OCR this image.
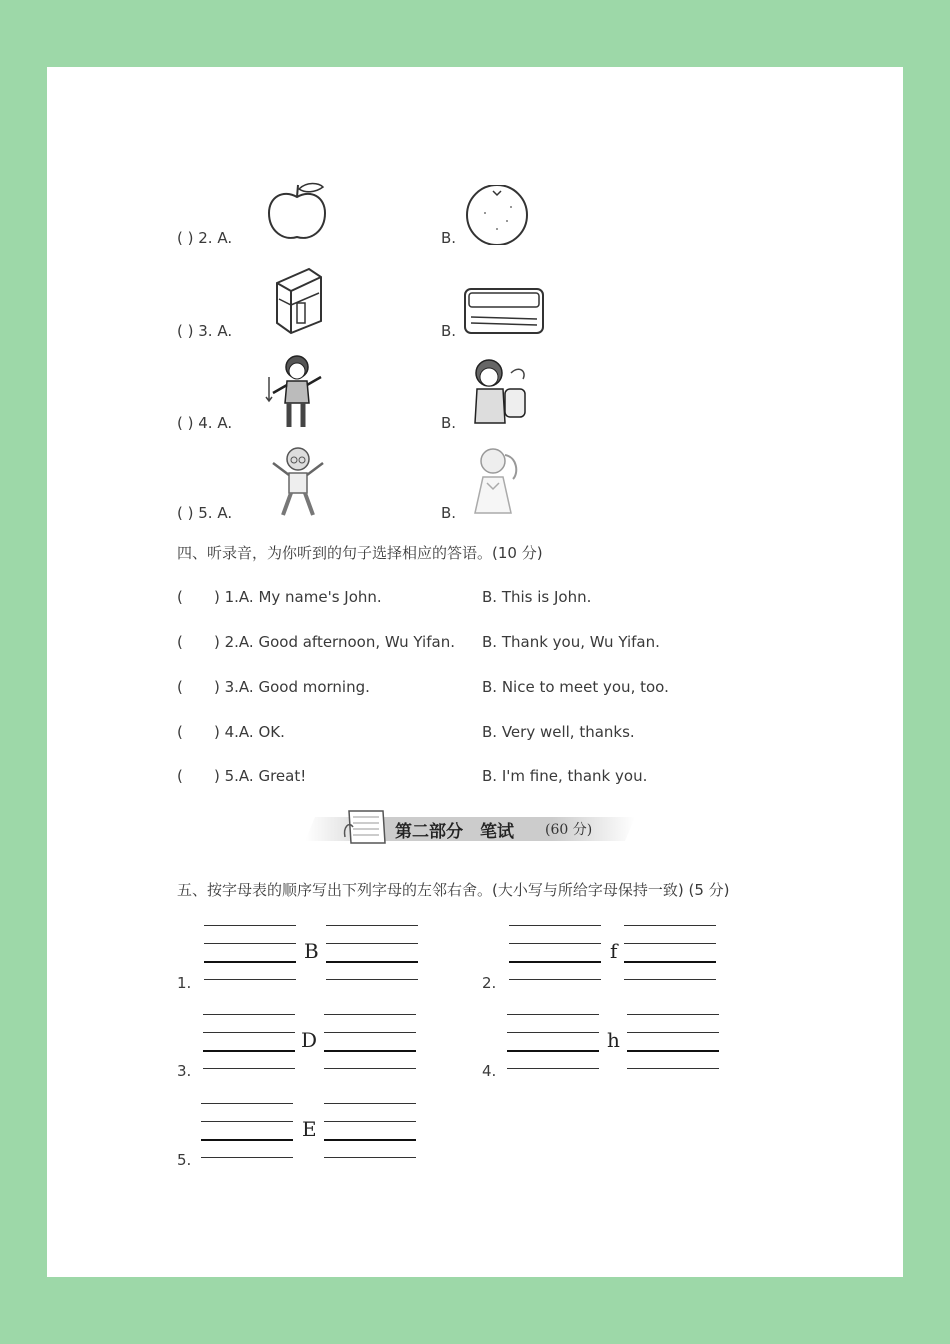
( ) 2. A.	B.
( ) 3. A.	B.
( ) 4. A.	B.
( ) 5. A.	B.
四、听录音，为你听到的句子选择相应的答语。(10 分)
( ) 1.A. My name's John.	B. This is John.
( ) 2.A. Good afternoon, Wu Yifan. B. Thank you, Wu Yifan.
( ) 3.A. Good morning.	B. Nice to meet you, too.
( ) 4.A. OK.	B. Very well, thanks.
( ) 5.A. Great!	B. I'm fine, thank you.
第二部分　笔试 (60 分)
五、按字母表的顺序写出下列字母的左邻右舍。(大小写与所给字母保持一致) (5 分)
1.
B
2.
f
3.
D
4.
h
5.
E
